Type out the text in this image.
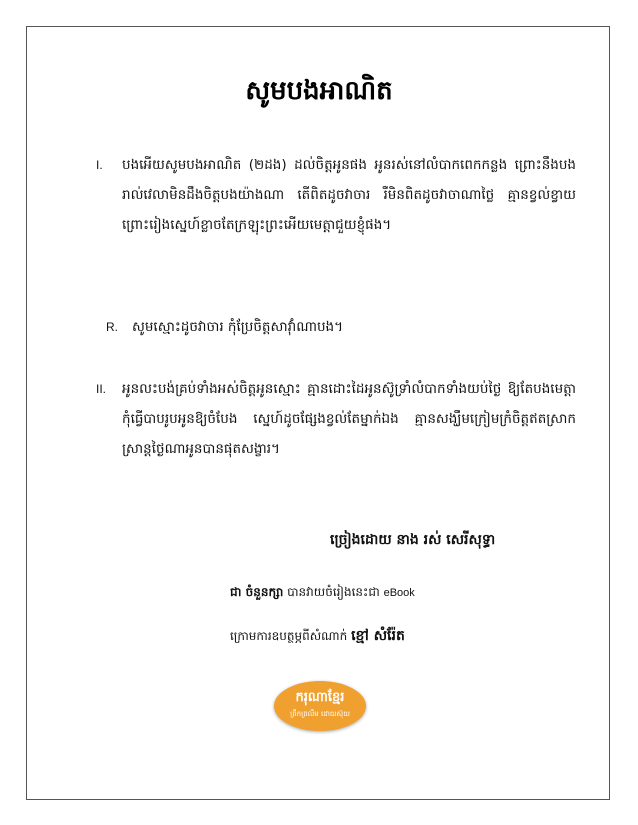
សូមបងអាណិត
I. បងអើយសូមបងអាណិត (២ដង) ដល់ចិត្តអូនផង អូនរស់នៅលំបាកពេកកន្លង ព្រោះនឹងបងរាល់វេលាមិនដឹងចិត្តបងយ៉ាងណា តើពិតដូចវាចារ រឺមិនពិតដូចវាចាណាថ្លៃ គ្មានខ្វល់ខ្វាយ ព្រោះរៀងស្នេហ៍ខ្លាចតែក្រឡុះព្រះអើយមេត្តាជួយខ្ញុំផង។
R. សូមស្មោះដូចវាចារ កុំប្រែចិត្តសាវ៉ាំណាបង។
II. អូនលះបង់គ្រប់ទាំងអស់ចិត្តអូនស្មោះ គ្មានដោះដៃអូនស៊ូទ្រាំលំបាកទាំងយប់ថ្ងៃ ឱ្យតែបងមេត្តាកុំធ្វើបាបរូបអូនឱ្យចំបែង ស្នេហ៍ដូចផ្សែងខ្វល់តែម្នាក់ឯង គ្មានសង្ឃឹមក្រៀមក្រំចិត្តឥតស្រាកស្រាន្តថ្ងៃណាអូនបានផុតសង្ខារ។
ច្រៀងដោយ នាង រស់ សេរីសុទ្ធា
ជា ចំនួនក្សា បានវាយចំរៀងនេះជា eBook
ក្រោមការឧបត្ថម្ភពីសំណាក់ ខ្មៅ សំរ៉ែត
ករុណាខ្មែរ
ព្រឹកព្រលឹម ដោយស៊ុយ
